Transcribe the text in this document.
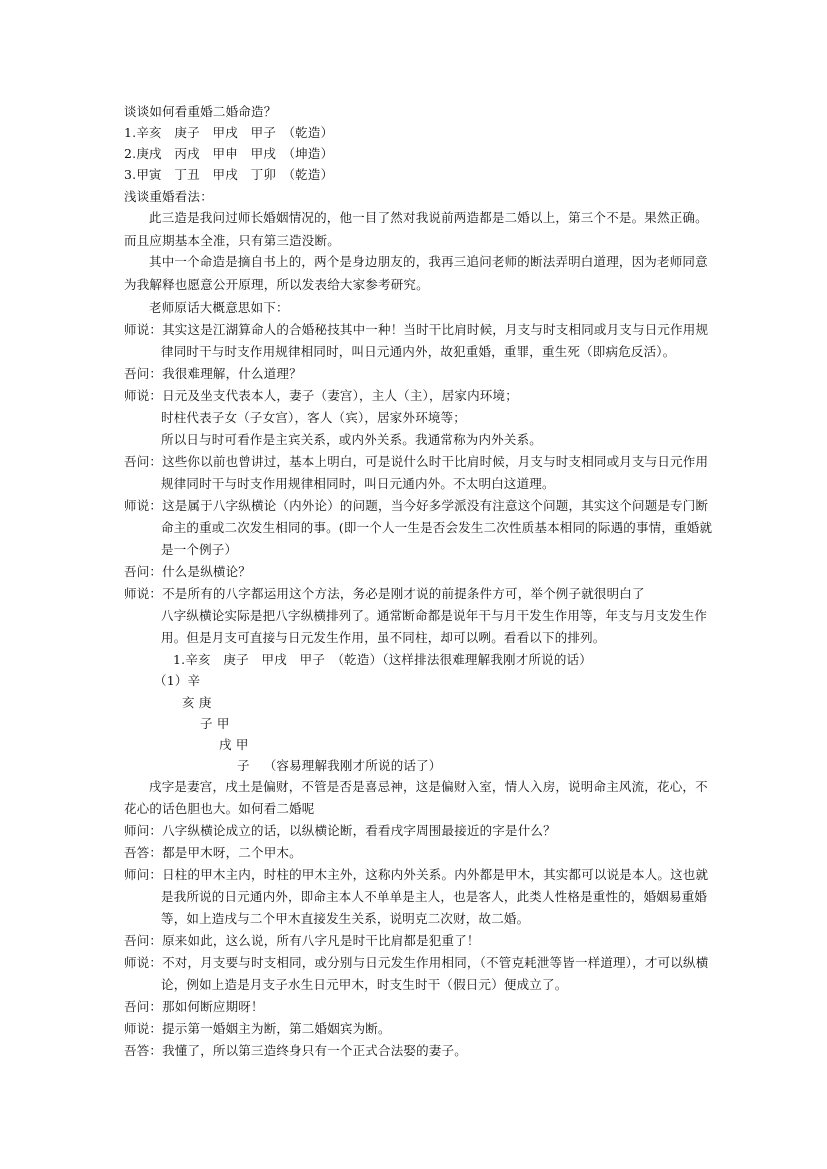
谈谈如何看重婚二婚命造？
1.辛亥　庚子　甲戌　甲子　（乾造）
2.庚戌　丙戌　甲申　甲戌　（坤造）
3.甲寅　丁丑　甲戌　丁卯　（乾造）
浅谈重婚看法：
此三造是我问过师长婚姻情况的，他一目了然对我说前两造都是二婚以上，第三个不是。果然正确。
而且应期基本全准，只有第三造没断。
其中一个命造是摘自书上的，两个是身边朋友的，我再三追问老师的断法弄明白道理，因为老师同意
为我解释也愿意公开原理，所以发表给大家参考研究。
老师原话大概意思如下：
师说：其实这是江湖算命人的合婚秘技其中一种！当时干比肩时候，月支与时支相同或月支与日元作用规
律同时干与时支作用规律相同时，叫日元通内外，故犯重婚，重罪，重生死（即病危反活）。
吾问：我很难理解，什么道理？
师说：日元及坐支代表本人，妻子（妻宫），主人（主），居家内环境；
时柱代表子女（子女宫），客人（宾），居家外环境等；
所以日与时可看作是主宾关系，或内外关系。我通常称为内外关系。
吾问：这些你以前也曾讲过，基本上明白，可是说什么时干比肩时候，月支与时支相同或月支与日元作用
规律同时干与时支作用规律相同时，叫日元通内外。不太明白这道理。
师说：这是属于八字纵横论（内外论）的问题，当今好多学派没有注意这个问题，其实这个问题是专门断
命主的重或二次发生相同的事。(即一个人一生是否会发生二次性质基本相同的际遇的事情，重婚就
是一个例子）
吾问：什么是纵横论？
师说：不是所有的八字都运用这个方法，务必是刚才说的前提条件方可，举个例子就很明白了
八字纵横论实际是把八字纵横排列了。通常断命都是说年干与月干发生作用等，年支与月支发生作
用。但是月支可直接与日元发生作用，虽不同柱，却可以咧。看看以下的排列。
1.辛亥　庚子　甲戌　甲子　（乾造）（这样排法很难理解我刚才所说的话）
（1）辛
亥 庚
子 甲
戌 甲
子 （容易理解我刚才所说的话了）
戌字是妻宫，戌土是偏财，不管是否是喜忌神，这是偏财入室，情人入房，说明命主风流，花心，不
花心的话色胆也大。如何看二婚呢
师问：八字纵横论成立的话，以纵横论断，看看戌字周围最接近的字是什么？
吾答：都是甲木呀，二个甲木。
师问：日柱的甲木主内，时柱的甲木主外，这称内外关系。内外都是甲木，其实都可以说是本人。这也就
是我所说的日元通内外，即命主本人不单单是主人，也是客人，此类人性格是重性的，婚姻易重婚
等，如上造戌与二个甲木直接发生关系，说明克二次财，故二婚。
吾问：原来如此，这么说，所有八字凡是时干比肩都是犯重了！
师说：不对，月支要与时支相同，或分别与日元发生作用相同，（不管克耗泄等皆一样道理），才可以纵横
论，例如上造是月支子水生日元甲木，时支生时干（假日元）便成立了。
吾问：那如何断应期呀！
师说：提示第一婚姻主为断，第二婚姻宾为断。
吾答：我懂了，所以第三造终身只有一个正式合法娶的妻子。
